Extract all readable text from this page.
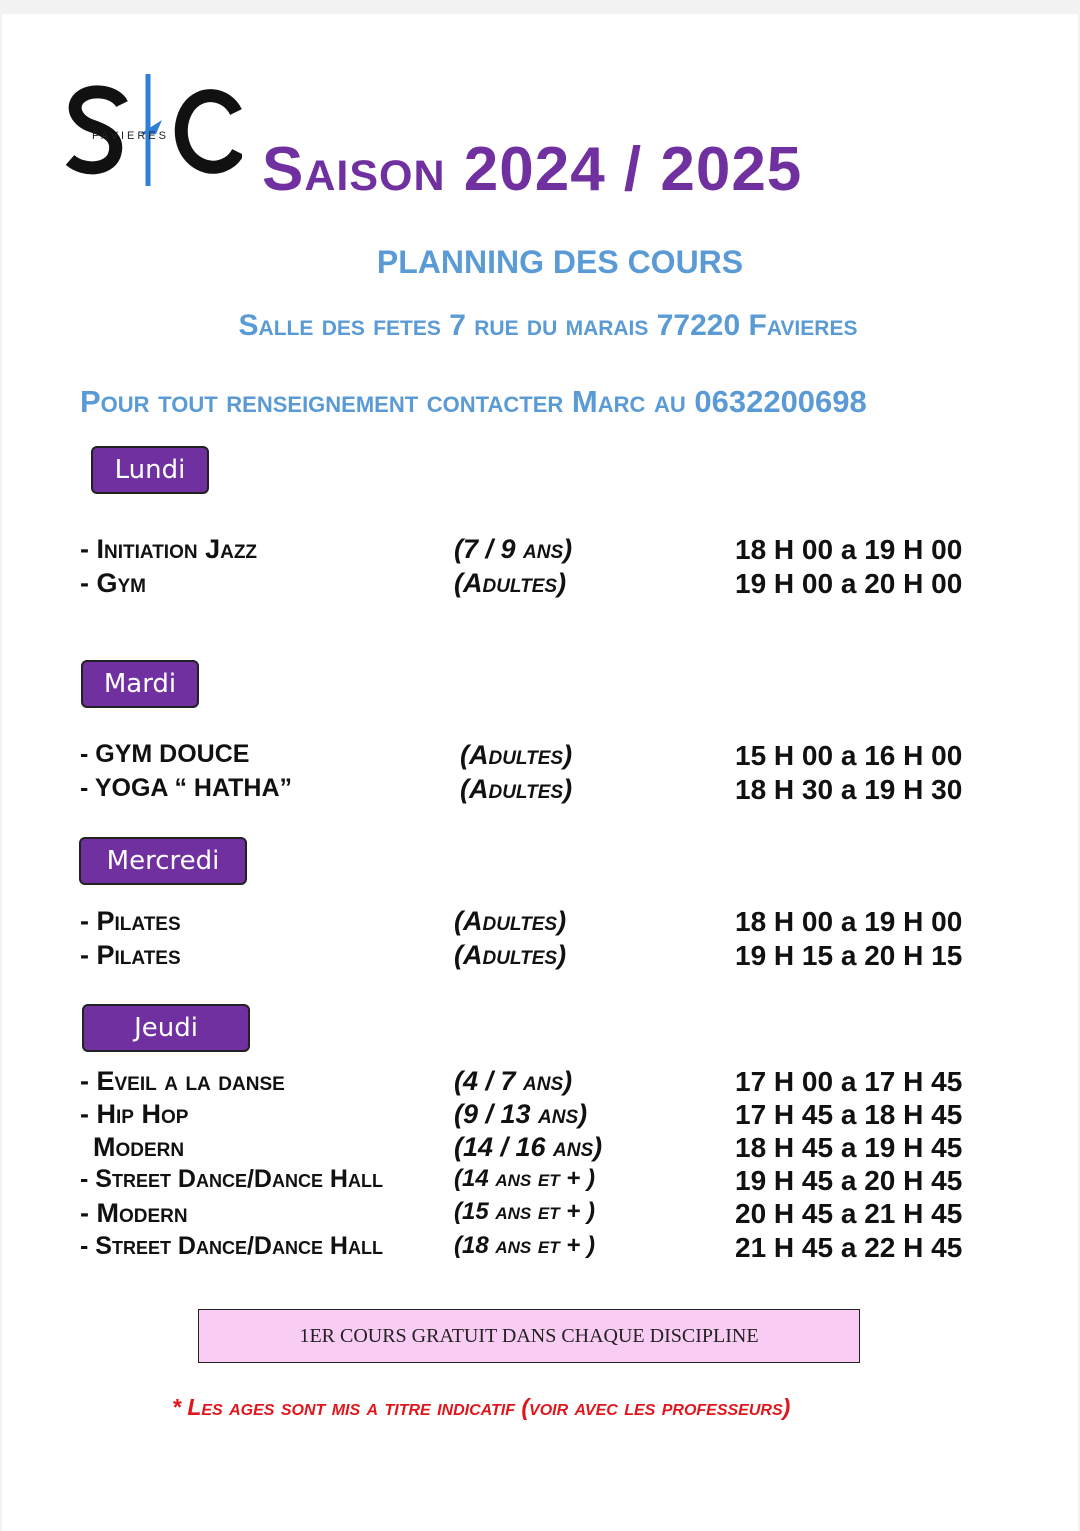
FAVIERES Saison 2024 / 2025

PLANNING DES COURS

Salle des fetes 7 rue du marais 77220 Favieres

Pour tout renseignement contacter Marc au 0632200698

Lundi
- Initiation Jazz	(7 / 9 ans)	18 H 00 a 19 H 00
- Gym	(Adultes)	19 H 00 a 20 H 00
Mardi
- GYM DOUCE	(Adultes)	15 H 00 a 16 H 00
- YOGA “ HATHA”	(Adultes)	18 H 30 a 19 H 30
Mercredi
- Pilates	(Adultes)	18 H 00 a 19 H 00
- Pilates	(Adultes)	19 H 15 a 20 H 15
Jeudi
- Eveil a la danse	(4 / 7 ans)	17 H 00 a 17 H 45
- Hip Hop	(9 / 13 ans)	17 H 45 a 18 H 45
Modern	(14 / 16 ans)	18 H 45 a 19 H 45
- Street Dance/Dance Hall	(14 ans et + )	19 H 45 a 20 H 45
- Modern	(15 ans et + )	20 H 45 a 21 H 45
- Street Dance/Dance Hall	(18 ans et + )	21 H 45 a 22 H 45
1ER COURS GRATUIT DANS CHAQUE DISCIPLINE

* Les ages sont mis a titre indicatif (voir avec les professeurs)
